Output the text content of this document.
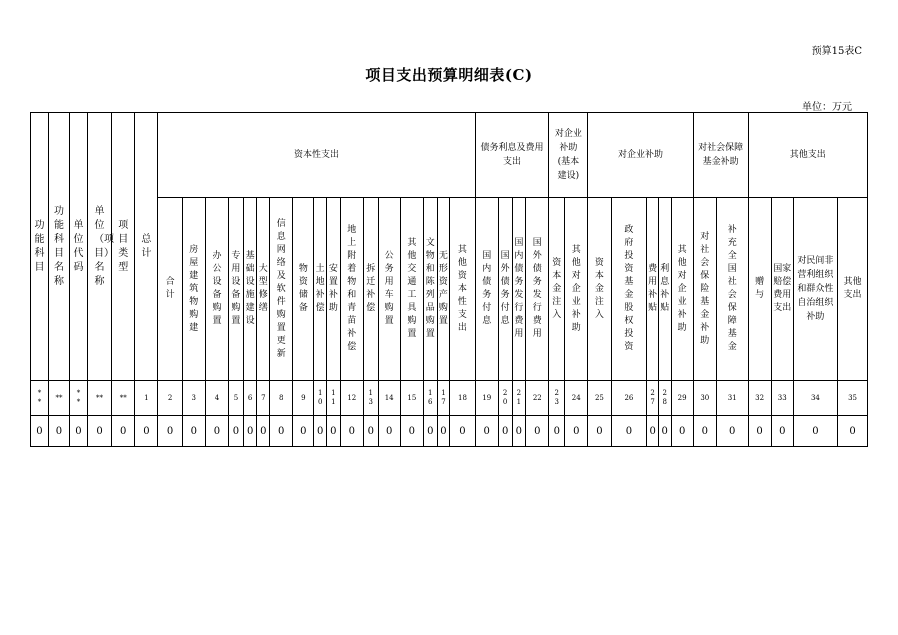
预算15表C
项目支出预算明细表(C)
单位：万元
功能科目	功能科目名称	单位代码	单位（项目）名称	项目类型	总计	资本性支出																	债务利息及费用支出				对企业补助(基本建设)		对企业补助					对社会保障基金补助		其他支出			
						合计	房屋建筑物购建	办公设备购置	专用设备购置	基础设施建设	大型修缮	信息网络及软件购置更新	物资储备	土地补偿	安置补助	地上附着物和青苗补偿	拆迁补偿	公务用车购置	其他交通工具购置	文物和陈列品购置	无形资产购置	其他资本性支出	国内债务付息	国外债务付息	国内债务发行费用	国外债务发行费用	资本金注入	其他对企业补助	资本金注入	政府投资基金股权投资	费用补贴	利息补贴	其他对企业补助	对社会保险基金补助	补充全国社会保障基金	赠与	国家赔偿费用支出	对民间非营利组织和群众性自治组织补助	其他支出
**	**	**	**	**	1	2	3	4	5	6	7	8	9	10	11	12	13	14	15	16	17	18	19	20	21	22	23	24	25	26	27	28	29	30	31	32	33	34	35
0	0	0	0	0	0	0	0	0	0	0	0	0	0	0	0	0	0	0	0	0	0	0	0	0	0	0	0	0	0	0	0	0	0	0	0	0	0	0	0
